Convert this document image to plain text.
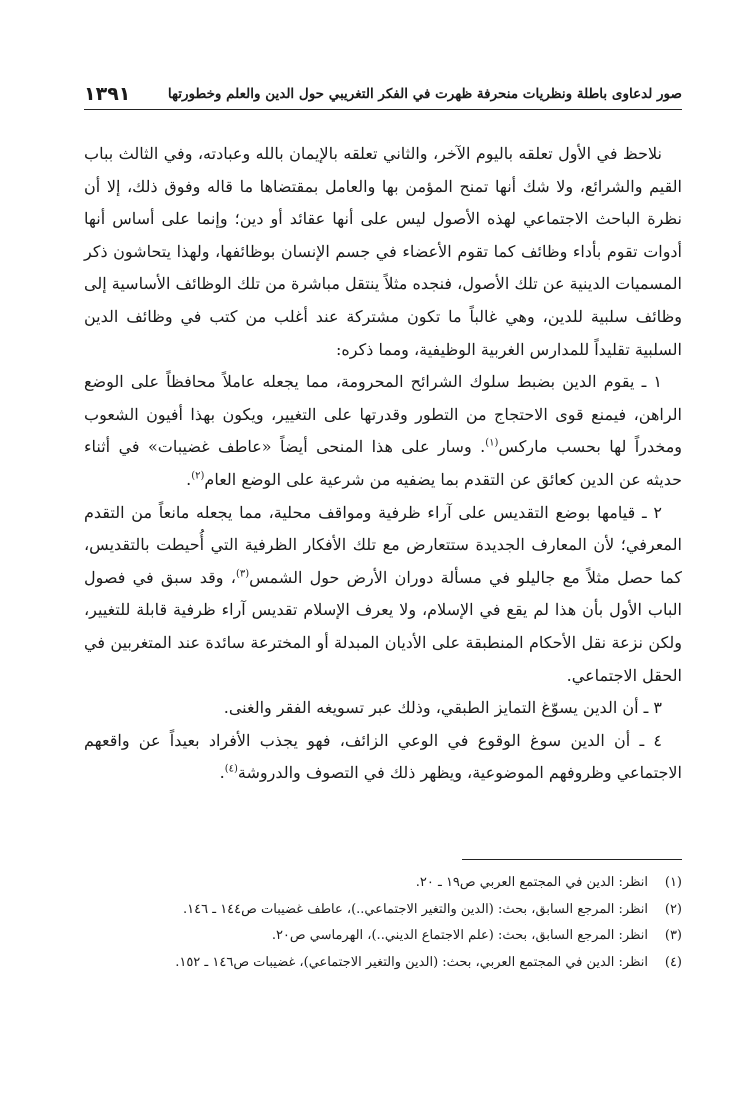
صور لدعاوى باطلة ونظريات منحرفة ظهرت في الفكر التغريبي حول الدين والعلم وخطورتها
١٣٩١

نلاحظ في الأول تعلقه باليوم الآخر، والثاني تعلقه بالإيمان بالله وعبادته، وفي الثالث بباب القيم والشرائع، ولا شك أنها تمنح المؤمن بها والعامل بمقتضاها ما قاله وفوق ذلك، إلا أن نظرة الباحث الاجتماعي لهذه الأصول ليس على أنها عقائد أو دين؛ وإنما على أساس أنها أدوات تقوم بأداء وظائف كما تقوم الأعضاء في جسم الإنسان بوظائفها، ولهذا يتحاشون ذكر المسميات الدينية عن تلك الأصول، فنجده مثلاً ينتقل مباشرة من تلك الوظائف الأساسية إلى وظائف سلبية للدين، وهي غالباً ما تكون مشتركة عند أغلب من كتب في وظائف الدين السلبية تقليداً للمدارس الغربية الوظيفية، ومما ذكره:

١ ـ يقوم الدين بضبط سلوك الشرائح المحرومة، مما يجعله عاملاً محافظاً على الوضع الراهن، فيمنع قوى الاحتجاج من التطور وقدرتها على التغيير، ويكون بهذا أفيون الشعوب ومخدراً لها بحسب ماركس$^{(١)}$. وسار على هذا المنحى أيضاً «عاطف غضيبات» في أثناء حديثه عن الدين كعائق عن التقدم بما يضفيه من شرعية على الوضع العام$^{(٢)}$.

٢ ـ قيامها بوضع التقديس على آراء ظرفية ومواقف محلية، مما يجعله مانعاً من التقدم المعرفي؛ لأن المعارف الجديدة ستتعارض مع تلك الأفكار الظرفية التي أُحيطت بالتقديس، كما حصل مثلاً مع جاليلو في مسألة دوران الأرض حول الشمس$^{(٣)}$، وقد سبق في فصول الباب الأول بأن هذا لم يقع في الإسلام، ولا يعرف الإسلام تقديس آراء ظرفية قابلة للتغيير، ولكن نزعة نقل الأحكام المنطبقة على الأديان المبدلة أو المخترعة سائدة عند المتغربين في الحقل الاجتماعي.

٣ ـ أن الدين يسوّغ التمايز الطبقي، وذلك عبر تسويغه الفقر والغنى.

٤ ـ أن الدين سوغ الوقوع في الوعي الزائف، فهو يجذب الأفراد بعيداً عن واقعهم الاجتماعي وظروفهم الموضوعية، ويظهر ذلك في التصوف والدروشة$^{(٤)}$.

(١)
انظر: الدين في المجتمع العربي ص١٩ ـ ٢٠.
(٢)
انظر: المرجع السابق، بحث: (الدين والتغير الاجتماعي..)، عاطف غضيبات ص١٤٤ ـ ١٤٦.
(٣)
انظر: المرجع السابق، بحث: (علم الاجتماع الديني..)، الهرماسي ص٢٠.
(٤)
انظر: الدين في المجتمع العربي، بحث: (الدين والتغير الاجتماعي)، غضيبات ص١٤٦ ـ ١٥٢.
